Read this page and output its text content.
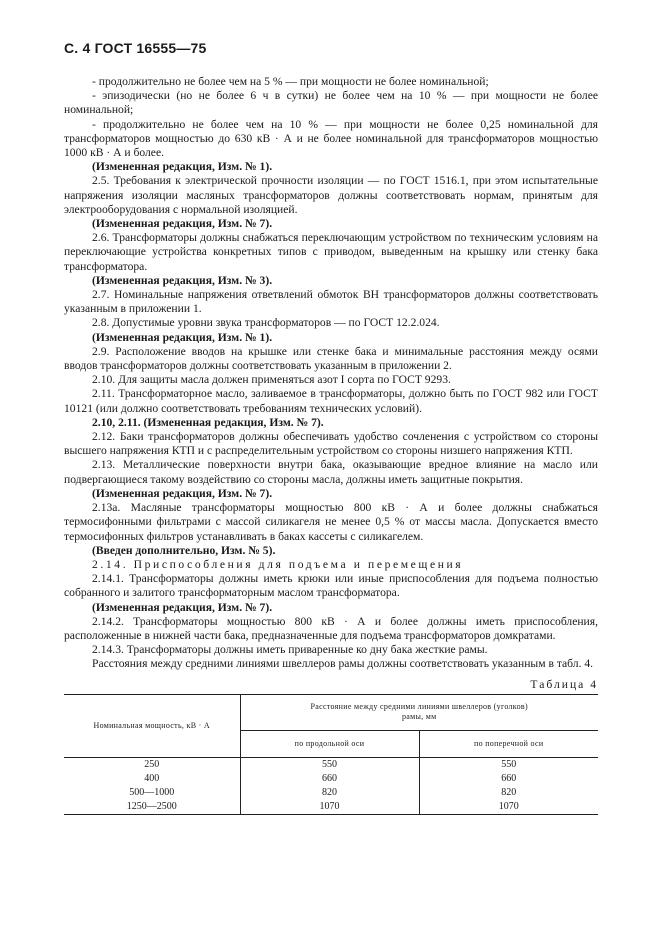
С. 4 ГОСТ 16555—75

- продолжительно не более чем на 5 % — при мощности не более номинальной;

- эпизодически (но не более 6 ч в сутки) не более чем на 10 % — при мощности не более номинальной;

- продолжительно не более чем на 10 % — при мощности не более 0,25 номинальной для трансформаторов мощностью до 630 кВ · А и не более номинальной для трансформаторов мощностью 1000 кВ · А и более.

(Измененная редакция, Изм. № 1).

2.5. Требования к электрической прочности изоляции — по ГОСТ 1516.1, при этом испытательные напряжения изоляции масляных трансформаторов должны соответствовать нормам, принятым для электрооборудования с нормальной изоляцией.

(Измененная редакция, Изм. № 7).

2.6. Трансформаторы должны снабжаться переключающим устройством по техническим условиям на переключающие устройства конкретных типов с приводом, выведенным на крышку или стенку бака трансформатора.

(Измененная редакция, Изм. № 3).

2.7. Номинальные напряжения ответвлений обмоток ВН трансформаторов должны соответствовать указанным в приложении 1.

2.8. Допустимые уровни звука трансформаторов — по ГОСТ 12.2.024.

(Измененная редакция, Изм. № 1).

2.9. Расположение вводов на крышке или стенке бака и минимальные расстояния между осями вводов трансформаторов должны соответствовать указанным в приложении 2.

2.10. Для защиты масла должен применяться азот I сорта по ГОСТ 9293.

2.11. Трансформаторное масло, заливаемое в трансформаторы, должно быть по ГОСТ 982 или ГОСТ 10121 (или должно соответствовать требованиям технических условий).

2.10, 2.11. (Измененная редакция, Изм. № 7).

2.12. Баки трансформаторов должны обеспечивать удобство сочленения с устройством со стороны высшего напряжения КТП и с распределительным устройством со стороны низшего напряжения КТП.

2.13. Металлические поверхности внутри бака, оказывающие вредное влияние на масло или подвергающиеся такому воздействию со стороны масла, должны иметь защитные покрытия.

(Измененная редакция, Изм. № 7).

2.13а. Масляные трансформаторы мощностью 800 кВ · А и более должны снабжаться термосифонными фильтрами с массой силикагеля не менее 0,5 % от массы масла. Допускается вместо термосифонных фильтров устанавливать в баках кассеты с силикагелем.

(Введен дополнительно, Изм. № 5).

2.14. Приспособления для подъема и перемещения

2.14.1. Трансформаторы должны иметь крюки или иные приспособления для подъема полностью собранного и залитого трансформаторным маслом трансформатора.

(Измененная редакция, Изм. № 7).

2.14.2. Трансформаторы мощностью 800 кВ · А и более должны иметь приспособления, расположенные в нижней части бака, предназначенные для подъема трансформаторов домкратами.

2.14.3. Трансформаторы должны иметь приваренные ко дну бака жесткие рамы.

Расстояния между средними линиями швеллеров рамы должны соответствовать указанным в табл. 4.

Таблица 4
Номинальная мощность, кВ · А	Расстояние между средними линиями швеллеров (уголков) рамы, мм	
	по продольной оси	по поперечной оси
250	550	550
400	660	660
500—1000	820	820
1250—2500	1070	1070
